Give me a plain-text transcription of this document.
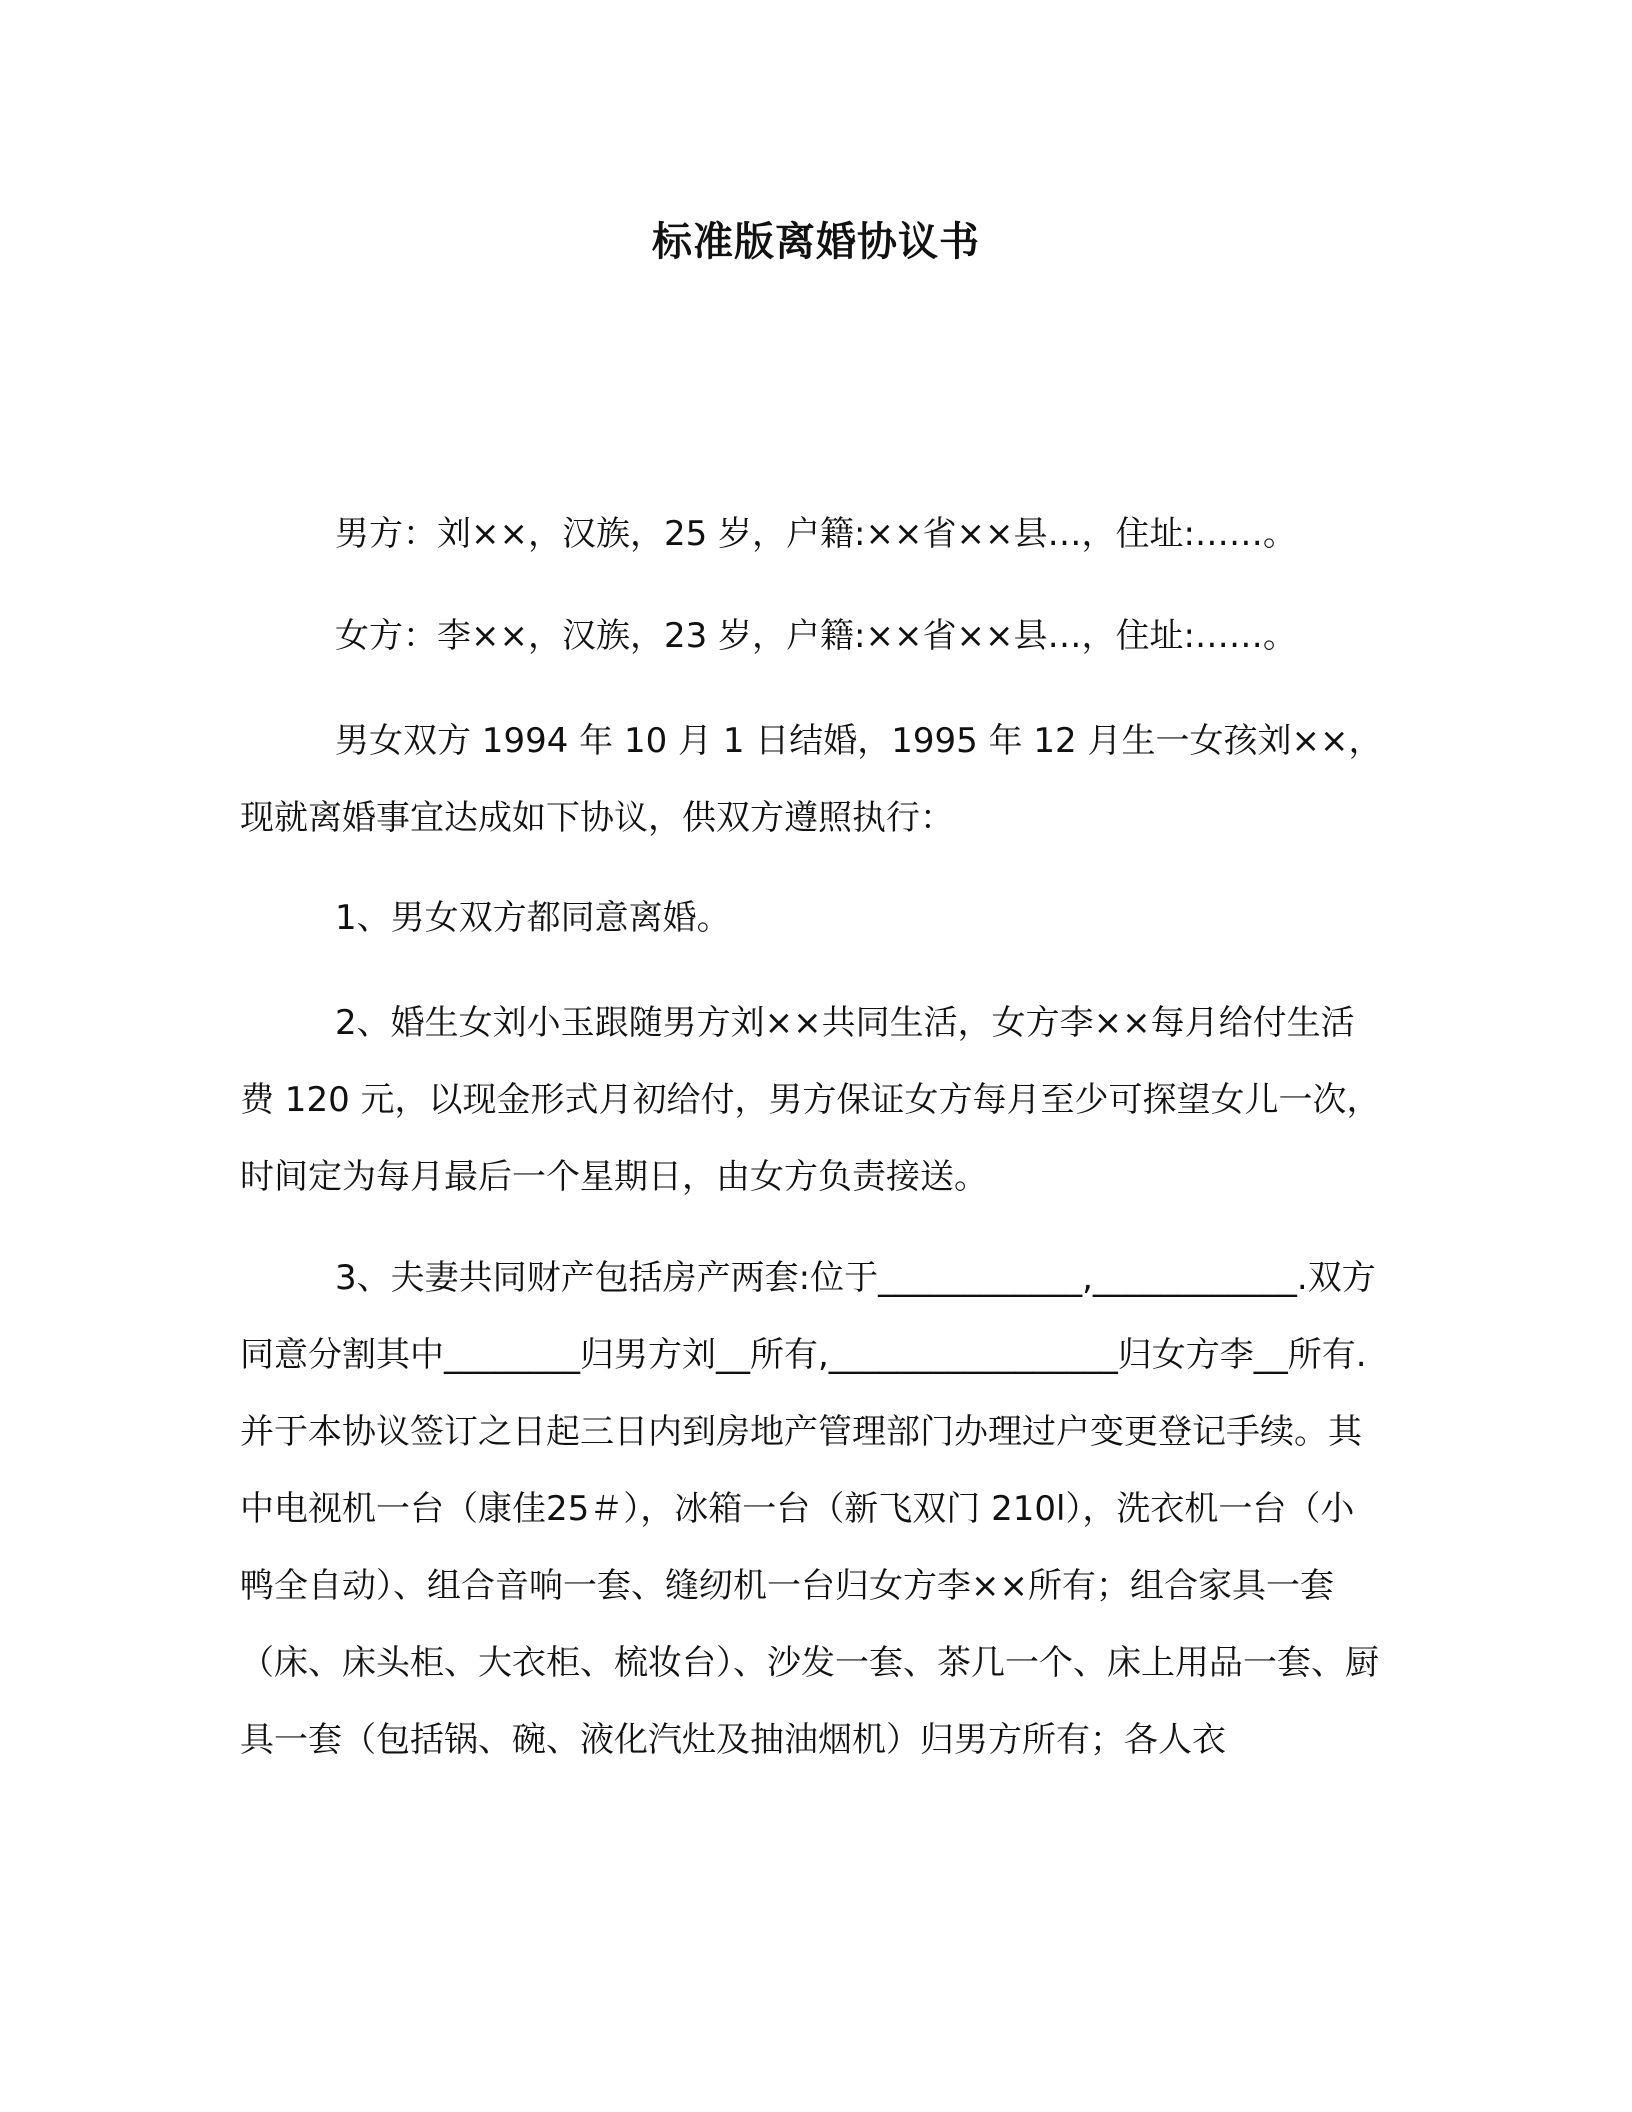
标准版离婚协议书

男方：刘××，汉族，25 岁，户籍:××省××县…，住址:……。

女方：李××，汉族，23 岁，户籍:××省××县…，住址:……。

男女双方 1994 年 10 月 1 日结婚，1995 年 12 月生一女孩刘××，现就离婚事宜达成如下协议，供双方遵照执行：

1、男女双方都同意离婚。

2、婚生女刘小玉跟随男方刘××共同生活，女方李××每月给付生活费 120 元，以现金形式月初给付，男方保证女方每月至少可探望女儿一次，时间定为每月最后一个星期日，由女方负责接送。

3、夫妻共同财产包括房产两套:位于____________,____________.双方同意分割其中________归男方刘__所有,_________________归女方李__所有.并于本协议签订之日起三日内到房地产管理部门办理过户变更登记手续。其中电视机一台（康佳25＃），冰箱一台（新飞双门 210l），洗衣机一台（小鸭全自动）、组合音响一套、缝纫机一台归女方李××所有；组合家具一套（床、床头柜、大衣柜、梳妆台）、沙发一套、茶几一个、床上用品一套、厨具一套（包括锅、碗、液化汽灶及抽油烟机）归男方所有；各人衣
